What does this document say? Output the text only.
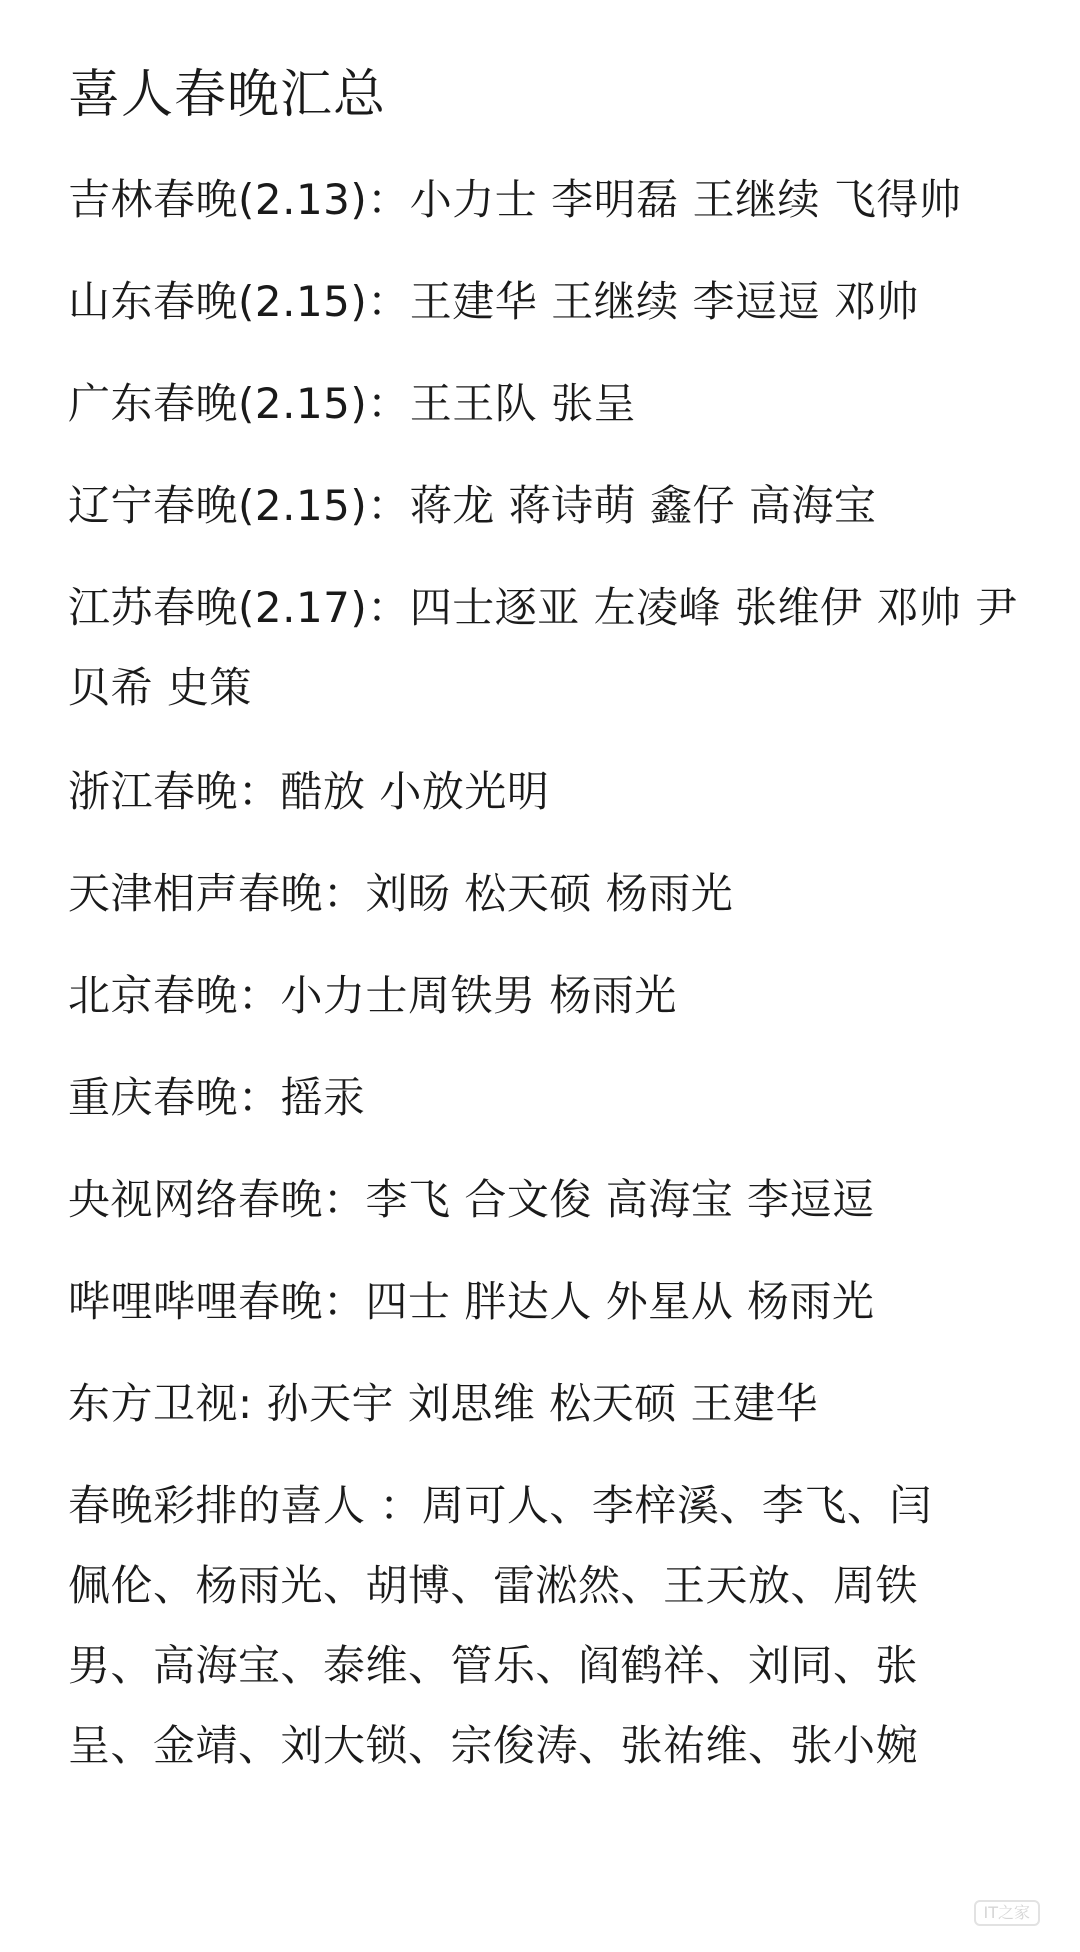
喜人春晚汇总
吉林春晚(2.13)：小力士 李明磊 王继续 飞得帅
山东春晚(2.15)：王建华 王继续 李逗逗 邓帅
广东春晚(2.15)：王王队 张呈
辽宁春晚(2.15)：蒋龙 蒋诗萌 鑫仔 高海宝
江苏春晚(2.17)：四士逐亚 左凌峰 张维伊 邓帅 尹
贝希 史策
浙江春晚：酷放 小放光明
天津相声春晚：刘旸 松天硕 杨雨光
北京春晚：小力士周铁男 杨雨光
重庆春晚：摇汞
央视网络春晚：李飞 合文俊 高海宝 李逗逗
哔哩哔哩春晚：四士 胖达人 外星从 杨雨光
东方卫视: 孙天宇 刘思维 松天硕 王建华
春晚彩排的喜人 ：周可人、李梓溪、李飞、闫
佩伦、杨雨光、胡博、雷淞然、王天放、周铁
男、高海宝、泰维、管乐、阎鹤祥、刘同、张
呈、金靖、刘大锁、宗俊涛、张祐维、张小婉
IT之家
